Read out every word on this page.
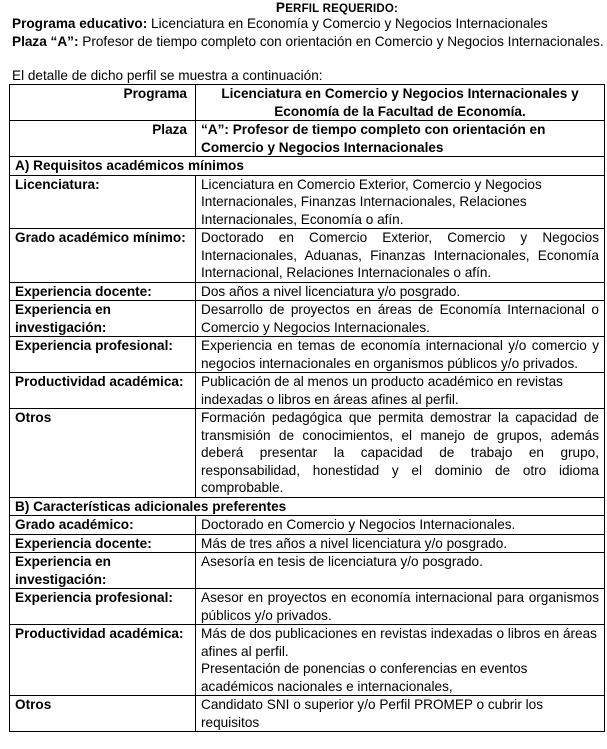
PERFIL REQUERIDO:

Programa educativo: Licenciatura en Economía y Comercio y Negocios Internacionales

Plaza “A”: Profesor de tiempo completo con orientación en Comercio y Negocios Internacionales.

El detalle de dicho perfil se muestra a continuación:

Programa	Licenciatura en Comercio y Negocios Internacionales y Economía de la Facultad de Economía.
Plaza	“A”: Profesor de tiempo completo con orientación en Comercio y Negocios Internacionales
A) Requisitos académicos mínimos	
Licenciatura:	Licenciatura en Comercio Exterior, Comercio y Negocios Internacionales, Finanzas Internacionales, Relaciones Internacionales, Economía o afín.
Grado académico mínimo:	Doctorado en Comercio Exterior, Comercio y Negocios Internacionales, Aduanas, Finanzas Internacionales, Economía Internacional, Relaciones Internacionales o afín.
Experiencia docente:	Dos años a nivel licenciatura y/o posgrado.
Experiencia en investigación:	Desarrollo de proyectos en áreas de Economía Internacional o Comercio y Negocios Internacionales.
Experiencia profesional:	Experiencia en temas de economía internacional y/o comercio y negocios internacionales en organismos públicos y/o privados.
Productividad académica:	Publicación de al menos un producto académico en revistas indexadas o libros en áreas afines al perfil.
Otros	Formación pedagógica que permita demostrar la capacidad de transmisión de conocimientos, el manejo de grupos, además deberá presentar la capacidad de trabajo en grupo, responsabilidad, honestidad y el dominio de otro idioma comprobable.
B) Características adicionales preferentes	
Grado académico:	Doctorado en Comercio y Negocios Internacionales.
Experiencia docente:	Más de tres años a nivel licenciatura y/o posgrado.
Experiencia en investigación:	Asesoría en tesis de licenciatura y/o posgrado.
Experiencia profesional:	Asesor en proyectos en economía internacional para organismos públicos y/o privados.
Productividad académica:	Más de dos publicaciones en revistas indexadas o libros en áreas afines al perfil.
Presentación de ponencias o conferencias en eventos académicos nacionales e internacionales,

Otros	Candidato SNI o superior y/o Perfil PROMEP o cubrir los requisitos
